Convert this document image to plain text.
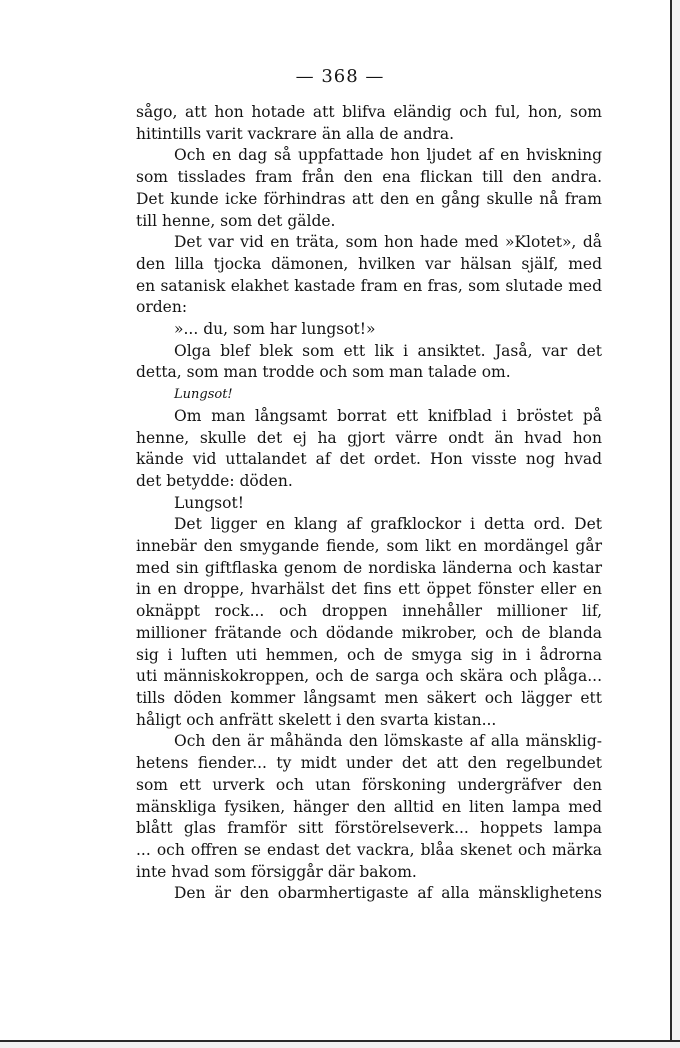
— 368 —
sågo, att hon hotade att blifva eländig och ful, hon, som
hitintills varit vackrare än alla de andra.
Och en dag så uppfattade hon ljudet af en hviskning
som tisslades fram från den ena flickan till den andra.
Det kunde icke förhindras att den en gång skulle nå fram
till henne, som det gälde.
Det var vid en träta, som hon hade med »Klotet», då
den lilla tjocka dämonen, hvilken var hälsan själf, med
en satanisk elakhet kastade fram en fras, som slutade med
orden:
»... du, som har lungsot!»
Olga blef blek som ett lik i ansiktet. Jaså, var det
detta, som man trodde och som man talade om.
Lungsot!
Om man långsamt borrat ett knifblad i bröstet på
henne, skulle det ej ha gjort värre ondt än hvad hon
kände vid uttalandet af det ordet. Hon visste nog hvad
det betydde: döden.
Lungsot!
Det ligger en klang af grafklockor i detta ord. Det
innebär den smygande fiende, som likt en mordängel går
med sin giftflaska genom de nordiska länderna och kastar
in en droppe, hvarhälst det fins ett öppet fönster eller en
oknäppt rock... och droppen innehåller millioner lif,
millioner frätande och dödande mikrober, och de blanda
sig i luften uti hemmen, och de smyga sig in i ådrorna
uti människokroppen, och de sarga och skära och plåga...
tills döden kommer långsamt men säkert och lägger ett
håligt och anfrätt skelett i den svarta kistan...
Och den är måhända den lömskaste af alla mänsklig-
hetens fiender... ty midt under det att den regelbundet
som ett urverk och utan förskoning undergräfver den
mänskliga fysiken, hänger den alltid en liten lampa med
blått glas framför sitt förstörelseverk... hoppets lampa
... och offren se endast det vackra, blåa skenet och märka
inte hvad som försiggår där bakom.
Den är den obarmhertigaste af alla mänsklighetens
